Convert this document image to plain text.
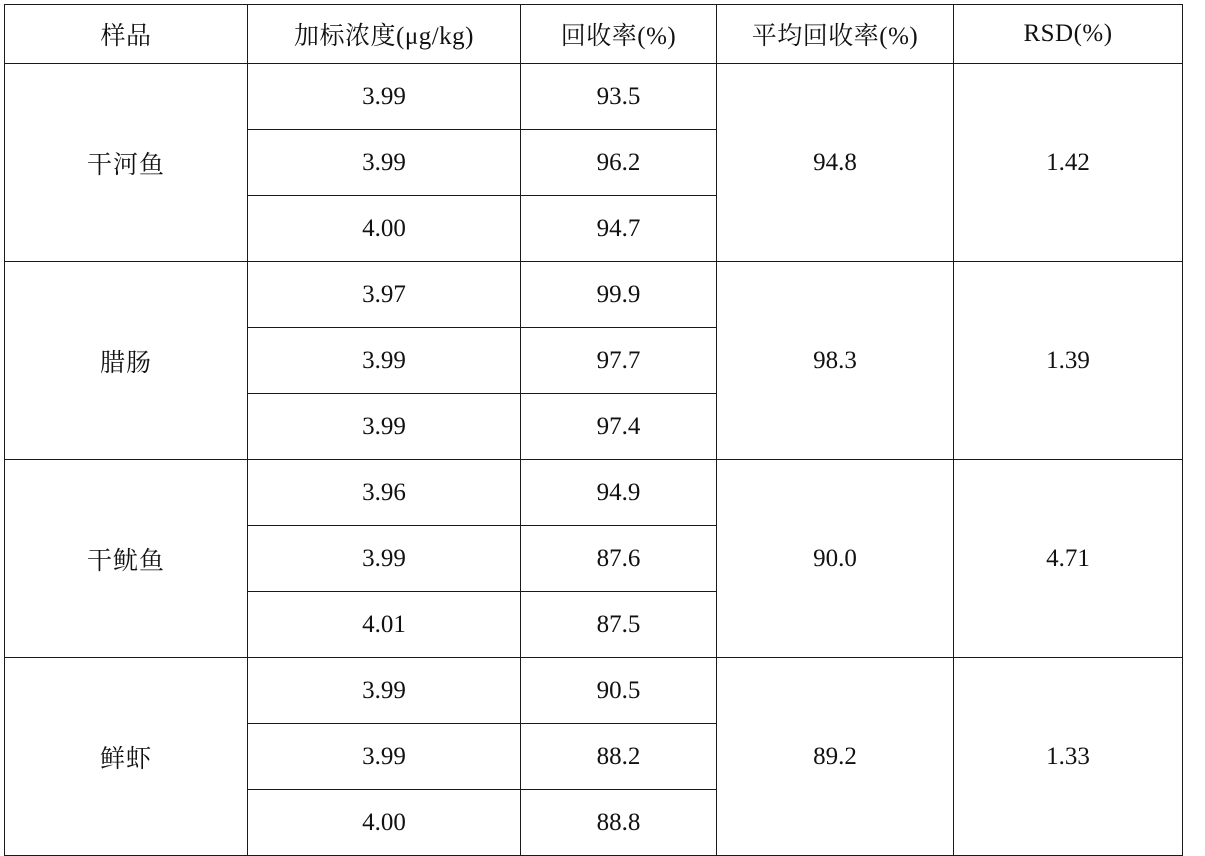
样品	加标浓度(μg/kg)	回收率(%)	平均回收率(%)	RSD(%)
干河鱼	3.99	93.5	94.8	1.42
	3.99	96.2		
	4.00	94.7		
腊肠	3.97	99.9	98.3	1.39
	3.99	97.7		
	3.99	97.4		
干鱿鱼	3.96	94.9	90.0	4.71
	3.99	87.6		
	4.01	87.5		
鲜虾	3.99	90.5	89.2	1.33
	3.99	88.2		
	4.00	88.8		
